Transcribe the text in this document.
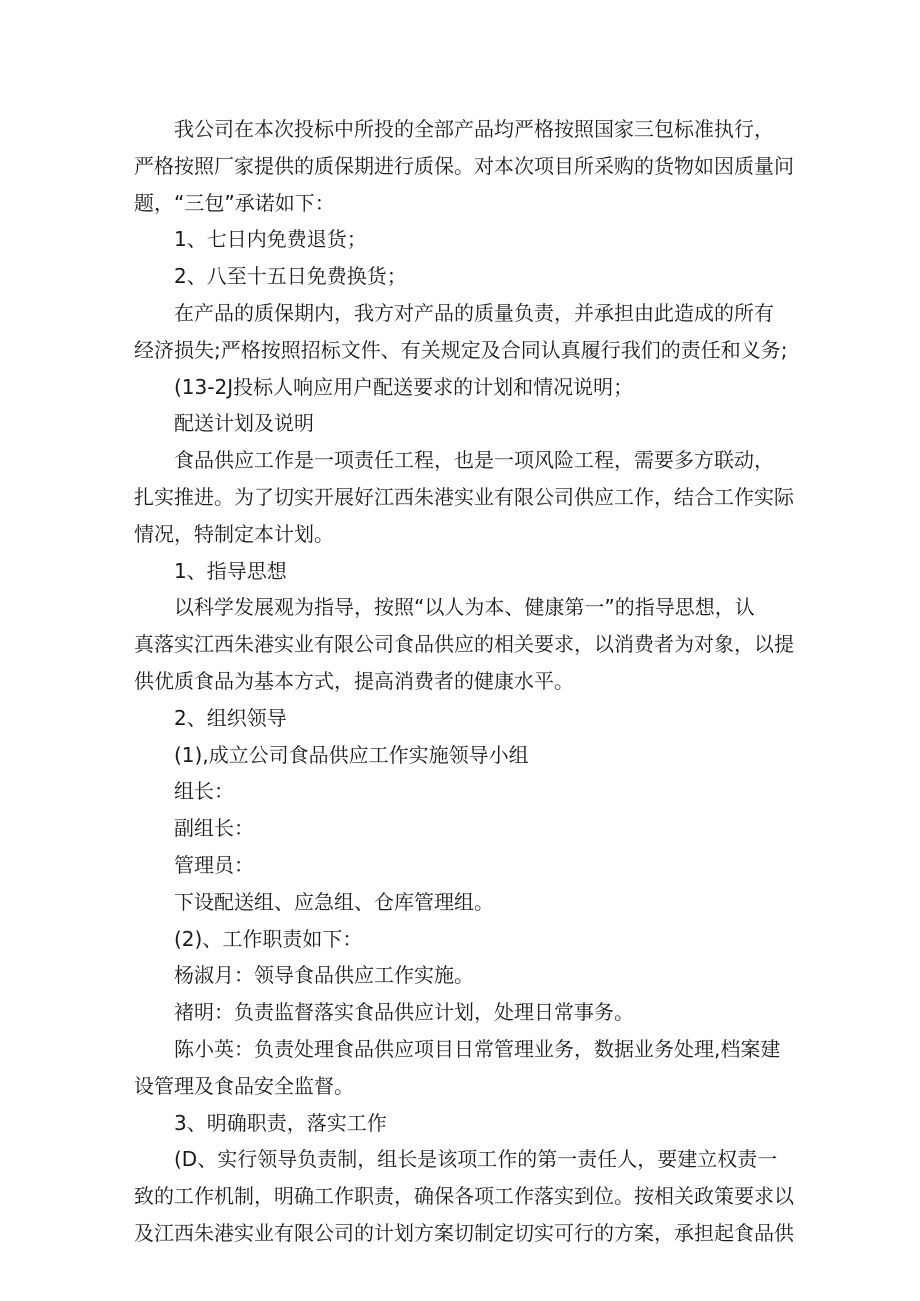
我公司在本次投标中所投的全部产品均严格按照国家三包标准执行，

严格按照厂家提供的质保期进行质保。对本次项目所采购的货物如因质量问

题，“三包”承诺如下：

1、七日内免费退货；

2、八至十五日免费换货；

在产品的质保期内，我方对产品的质量负责，并承担由此造成的所有

经济损失;严格按照招标文件、有关规定及合同认真履行我们的责任和义务;

(13-2J投标人响应用户配送要求的计划和情况说明；

配送计划及说明

食品供应工作是一项责任工程，也是一项风险工程，需要多方联动，

扎实推进。为了切实开展好江西朱港实业有限公司供应工作，结合工作实际

情况，特制定本计划。

1、指导思想

以科学发展观为指导，按照“以人为本、健康第一”的指导思想，认

真落实江西朱港实业有限公司食品供应的相关要求，以消费者为对象，以提

供优质食品为基本方式，提高消费者的健康水平。

2、组织领导

(1),成立公司食品供应工作实施领导小组

组长：

副组长：

管理员：

下设配送组、应急组、仓库管理组。

(2)、工作职责如下：

杨淑月：领导食品供应工作实施。

褚明：负责监督落实食品供应计划，处理日常事务。

陈小英：负责处理食品供应项目日常管理业务，数据业务处理,档案建

设管理及食品安全监督。

3、明确职责，落实工作

(D、实行领导负责制，组长是该项工作的第一责任人，要建立权责一

致的工作机制，明确工作职责，确保各项工作落实到位。按相关政策要求以

及江西朱港实业有限公司的计划方案切制定切实可行的方案，承担起食品供
